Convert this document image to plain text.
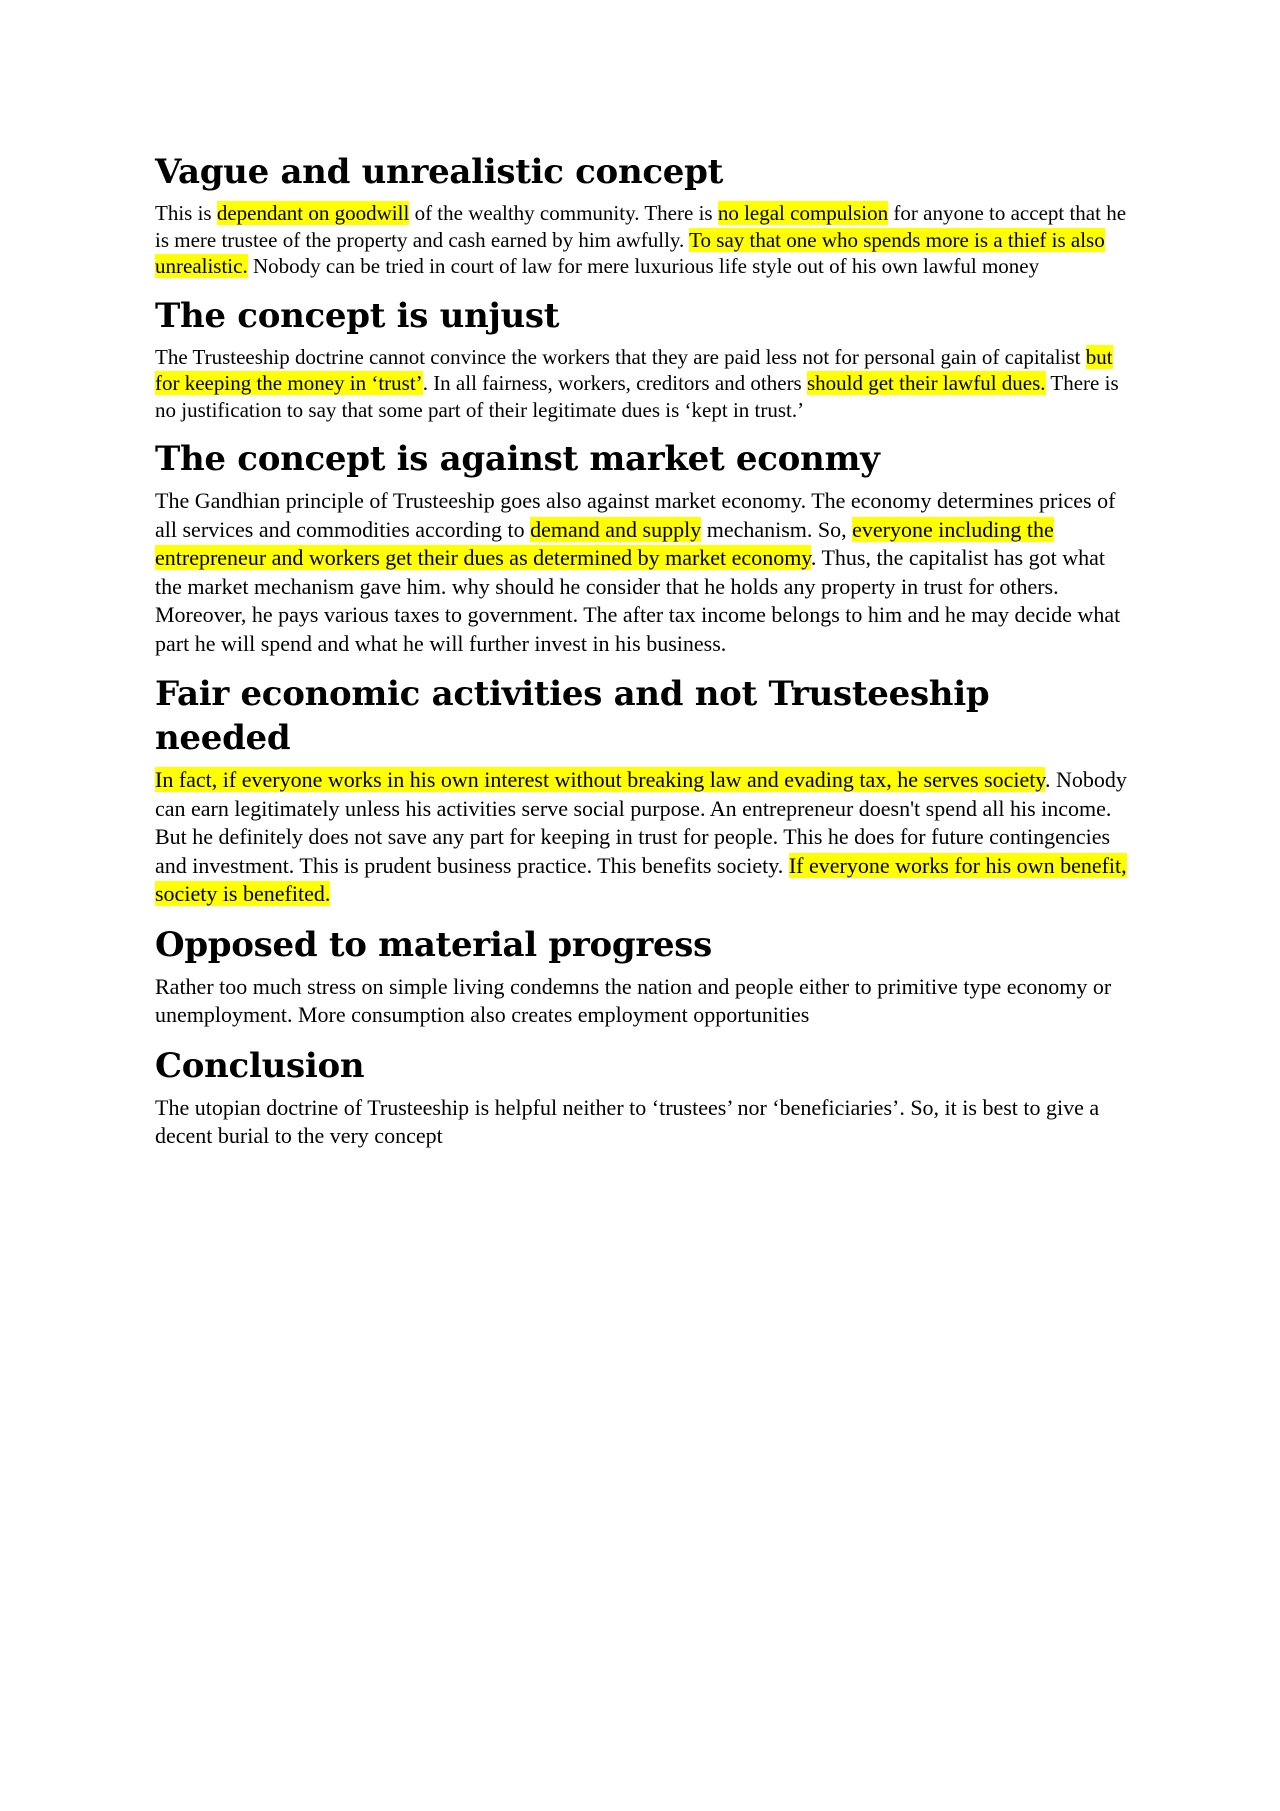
Vague and unrealistic concept

This is dependant on goodwill of the wealthy community. There is no legal compulsion for anyone to accept that he is mere trustee of the property and cash earned by him awfully. To say that one who spends more is a thief is also unrealistic. Nobody can be tried in court of law for mere luxurious life style out of his own lawful money

The concept is unjust

The Trusteeship doctrine cannot convince the workers that they are paid less not for personal gain of capitalist but for keeping the money in ‘trust’. In all fairness, workers, creditors and others should get their lawful dues. There is no justification to say that some part of their legitimate dues is ‘kept in trust.’

The concept is against market econmy

The Gandhian principle of Trusteeship goes also against market economy. The economy determines prices of all services and commodities according to demand and supply mechanism. So, everyone including the entrepreneur and workers get their dues as determined by market economy. Thus, the capitalist has got what the market mechanism gave him. why should he consider that he holds any property in trust for others. Moreover, he pays various taxes to government. The after tax income belongs to him and he may decide what part he will spend and what he will further invest in his business.

Fair economic activities and not Trusteeship needed

In fact, if everyone works in his own interest without breaking law and evading tax, he serves society. Nobody can earn legitimately unless his activities serve social purpose. An entrepreneur doesn't spend all his income. But he definitely does not save any part for keeping in trust for people. This he does for future contingencies and investment. This is prudent business practice. This benefits society. If everyone works for his own benefit, society is benefited.

Opposed to material progress

Rather too much stress on simple living condemns the nation and people either to primitive type economy or unemployment. More consumption also creates employment opportunities

Conclusion

The utopian doctrine of Trusteeship is helpful neither to ‘trustees’ nor ‘beneficiaries’. So, it is best to give a decent burial to the very concept
